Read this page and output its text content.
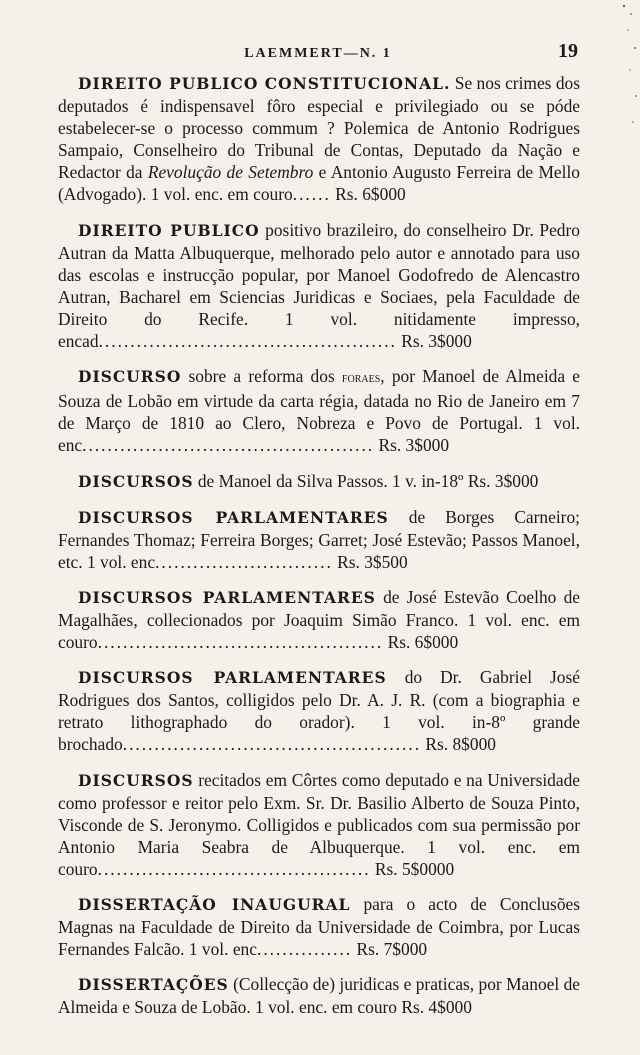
LAEMMERT—N. 1	19

DIREITO PUBLICO CONSTITUCIONAL. Se nos crimes dos deputados é indispensavel fôro especial e privilegiado ou se póde estabelecer-se o processo commum ? Polemica de Antonio Rodrigues Sampaio, Conselheiro do Tribunal de Contas, Deputado da Nação e Redactor da Revolução de Setembro e Antonio Augusto Ferreira de Mello (Advogado). 1 vol. enc. em couro...... Rs. 6$000

DIREITO PUBLICO positivo brazileiro, do conselheiro Dr. Pedro Autran da Matta Albuquerque, melhorado pelo autor e annotado para uso das escolas e instrucção popular, por Manoel Godofredo de Alencastro Autran, Bacharel em Sciencias Juridicas e Sociaes, pela Faculdade de Direito do Recife. 1 vol. nitidamente impresso, encad............................................... Rs. 3$000

DISCURSO sobre a reforma dos foraes, por Manoel de Almeida e Souza de Lobão em virtude da carta régia, datada no Rio de Janeiro em 7 de Março de 1810 ao Clero, Nobreza e Povo de Portugal. 1 vol. enc.............................................. Rs. 3$000

DISCURSOS de Manoel da Silva Passos. 1 v. in-18º Rs. 3$000

DISCURSOS PARLAMENTARES de Borges Carneiro; Fernandes Thomaz; Ferreira Borges; Garret; José Estevão; Passos Manoel, etc. 1 vol. enc............................ Rs. 3$500

DISCURSOS PARLAMENTARES de José Estevão Coelho de Magalhães, collecionados por Joaquim Simão Franco. 1 vol. enc. em couro............................................. Rs. 6$000

DISCURSOS PARLAMENTARES do Dr. Gabriel José Rodrigues dos Santos, colligidos pelo Dr. A. J. R. (com a biographia e retrato lithographado do orador). 1 vol. in-8º grande brochado............................................... Rs. 8$000

DISCURSOS recitados em Côrtes como deputado e na Universidade como professor e reitor pelo Exm. Sr. Dr. Basilio Alberto de Souza Pinto, Visconde de S. Jeronymo. Colligidos e publicados com sua permissão por Antonio Maria Seabra de Albuquerque. 1 vol. enc. em couro........................................... Rs. 5$0000

DISSERTAÇÃO INAUGURAL para o acto de Conclusões Magnas na Faculdade de Direito da Universidade de Coimbra, por Lucas Fernandes Falcão. 1 vol. enc............... Rs. 7$000

DISSERTAÇÕES (Collecção de) juridicas e praticas, por Manoel de Almeida e Souza de Lobão. 1 vol. enc. em couro Rs. 4$000
